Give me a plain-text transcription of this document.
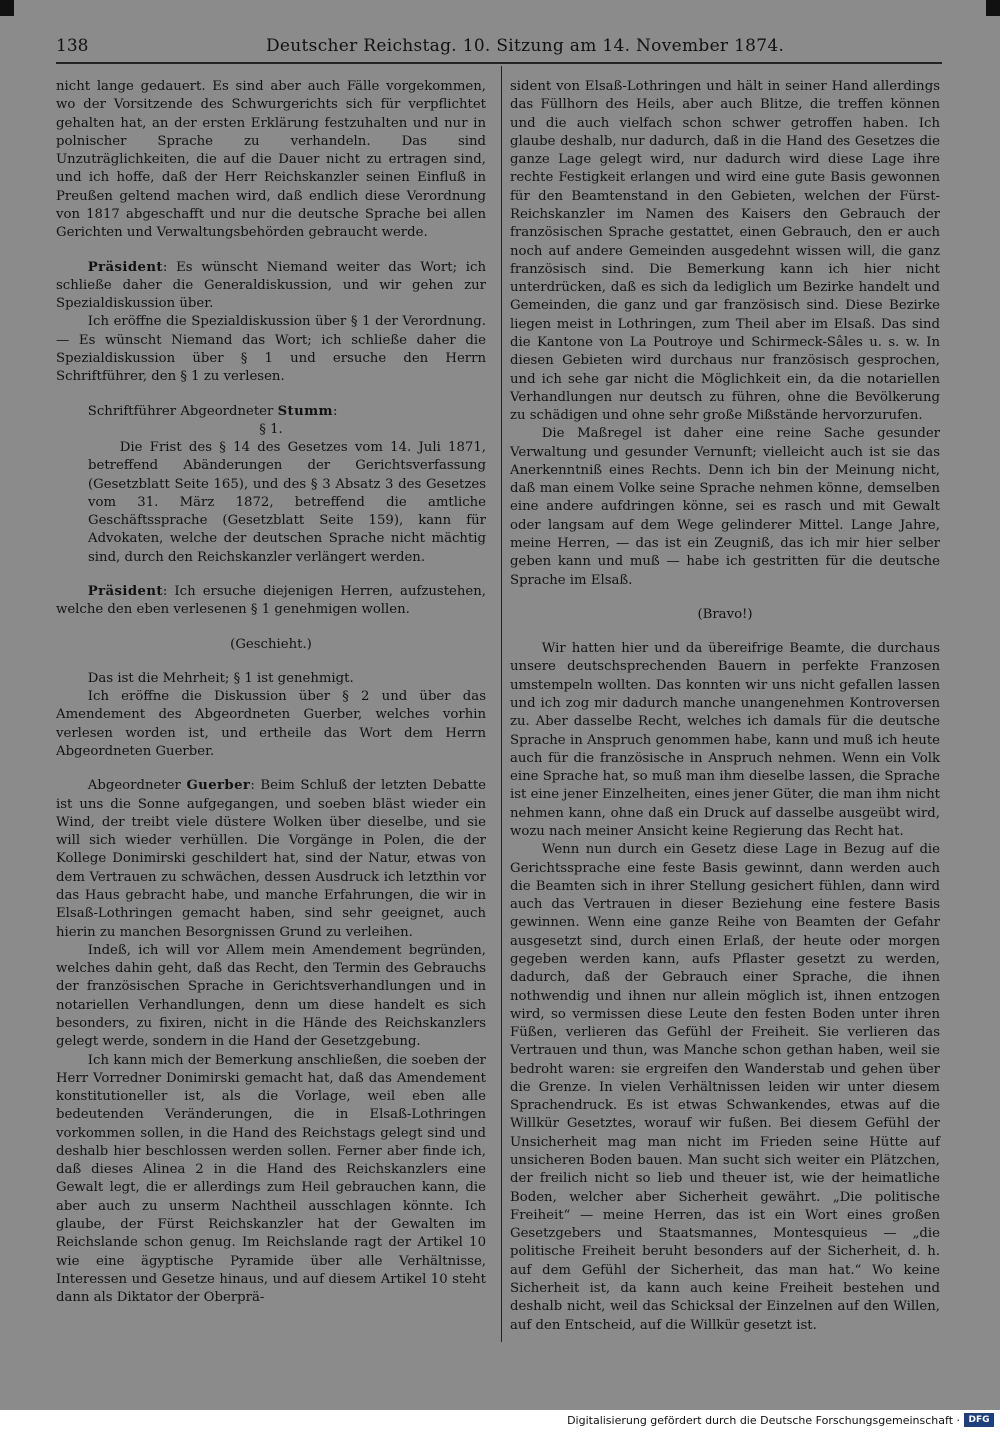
138	Deutscher Reichstag. 10. Sitzung am 14. November 1874.

nicht lange gedauert. Es sind aber auch Fälle vorgekommen, wo der Vorsitzende des Schwurgerichts sich für verpflichtet gehalten hat, an der ersten Erklärung festzuhalten und nur in polnischer Sprache zu verhandeln. Das sind Unzuträglichkeiten, die auf die Dauer nicht zu ertragen sind, und ich hoffe, daß der Herr Reichskanzler seinen Einfluß in Preußen geltend machen wird, daß endlich diese Verordnung von 1817 abgeschafft und nur die deutsche Sprache bei allen Gerichten und Verwaltungsbehörden gebraucht werde.

Präsident: Es wünscht Niemand weiter das Wort; ich schließe daher die Generaldiskussion, und wir gehen zur Spezialdiskussion über.

Ich eröffne die Spezialdiskussion über § 1 der Verordnung. — Es wünscht Niemand das Wort; ich schließe daher die Spezialdiskussion über § 1 und ersuche den Herrn Schriftführer, den § 1 zu verlesen.

Schriftführer Abgeordneter Stumm:

§ 1.

Die Frist des § 14 des Gesetzes vom 14. Juli 1871, betreffend Abänderungen der Gerichtsverfassung (Gesetzblatt Seite 165), und des § 3 Absatz 3 des Gesetzes vom 31. März 1872, betreffend die amtliche Geschäftssprache (Gesetzblatt Seite 159), kann für Advokaten, welche der deutschen Sprache nicht mächtig sind, durch den Reichskanzler verlängert werden.

Präsident: Ich ersuche diejenigen Herren, aufzustehen, welche den eben verlesenen § 1 genehmigen wollen.

(Geschieht.)

Das ist die Mehrheit; § 1 ist genehmigt.

Ich eröffne die Diskussion über § 2 und über das Amendement des Abgeordneten Guerber, welches vorhin verlesen worden ist, und ertheile das Wort dem Herrn Abgeordneten Guerber.

Abgeordneter Guerber: Beim Schluß der letzten Debatte ist uns die Sonne aufgegangen, und soeben bläst wieder ein Wind, der treibt viele düstere Wolken über dieselbe, und sie will sich wieder verhüllen. Die Vorgänge in Polen, die der Kollege Donimirski geschildert hat, sind der Natur, etwas von dem Vertrauen zu schwächen, dessen Ausdruck ich letzthin vor das Haus gebracht habe, und manche Erfahrungen, die wir in Elsaß-Lothringen gemacht haben, sind sehr geeignet, auch hierin zu manchen Besorgnissen Grund zu verleihen.

Indeß, ich will vor Allem mein Amendement begründen, welches dahin geht, daß das Recht, den Termin des Gebrauchs der französischen Sprache in Gerichtsverhandlungen und in notariellen Verhandlungen, denn um diese handelt es sich besonders, zu fixiren, nicht in die Hände des Reichskanzlers gelegt werde, sondern in die Hand der Gesetzgebung.

Ich kann mich der Bemerkung anschließen, die soeben der Herr Vorredner Donimirski gemacht hat, daß das Amendement konstitutioneller ist, als die Vorlage, weil eben alle bedeutenden Veränderungen, die in Elsaß-Lothringen vorkommen sollen, in die Hand des Reichstags gelegt sind und deshalb hier beschlossen werden sollen. Ferner aber finde ich, daß dieses Alinea 2 in die Hand des Reichskanzlers eine Gewalt legt, die er allerdings zum Heil gebrauchen kann, die aber auch zu unserm Nachtheil ausschlagen könnte. Ich glaube, der Fürst Reichskanzler hat der Gewalten im Reichslande schon genug. Im Reichslande ragt der Artikel 10 wie eine ägyptische Pyramide über alle Verhältnisse, Interessen und Gesetze hinaus, und auf diesem Artikel 10 steht dann als Diktator der Oberprä-

sident von Elsaß-Lothringen und hält in seiner Hand allerdings das Füllhorn des Heils, aber auch Blitze, die treffen können und die auch vielfach schon schwer getroffen haben. Ich glaube deshalb, nur dadurch, daß in die Hand des Gesetzes die ganze Lage gelegt wird, nur dadurch wird diese Lage ihre rechte Festigkeit erlangen und wird eine gute Basis gewonnen für den Beamtenstand in den Gebieten, welchen der Fürst-Reichskanzler im Namen des Kaisers den Gebrauch der französischen Sprache gestattet, einen Gebrauch, den er auch noch auf andere Gemeinden ausgedehnt wissen will, die ganz französisch sind. Die Bemerkung kann ich hier nicht unterdrücken, daß es sich da lediglich um Bezirke handelt und Gemeinden, die ganz und gar französisch sind. Diese Bezirke liegen meist in Lothringen, zum Theil aber im Elsaß. Das sind die Kantone von La Poutroye und Schirmeck-Sâles u. s. w. In diesen Gebieten wird durchaus nur französisch gesprochen, und ich sehe gar nicht die Möglichkeit ein, da die notariellen Verhandlungen nur deutsch zu führen, ohne die Bevölkerung zu schädigen und ohne sehr große Mißstände hervorzurufen.

Die Maßregel ist daher eine reine Sache gesunder Verwaltung und gesunder Vernunft; vielleicht auch ist sie das Anerkenntniß eines Rechts. Denn ich bin der Meinung nicht, daß man einem Volke seine Sprache nehmen könne, demselben eine andere aufdringen könne, sei es rasch und mit Gewalt oder langsam auf dem Wege gelinderer Mittel. Lange Jahre, meine Herren, — das ist ein Zeugniß, das ich mir hier selber geben kann und muß — habe ich gestritten für die deutsche Sprache im Elsaß.

(Bravo!)

Wir hatten hier und da übereifrige Beamte, die durchaus unsere deutschsprechenden Bauern in perfekte Franzosen umstempeln wollten. Das konnten wir uns nicht gefallen lassen und ich zog mir dadurch manche unangenehmen Kontroversen zu. Aber dasselbe Recht, welches ich damals für die deutsche Sprache in Anspruch genommen habe, kann und muß ich heute auch für die französische in Anspruch nehmen. Wenn ein Volk eine Sprache hat, so muß man ihm dieselbe lassen, die Sprache ist eine jener Einzelheiten, eines jener Güter, die man ihm nicht nehmen kann, ohne daß ein Druck auf dasselbe ausgeübt wird, wozu nach meiner Ansicht keine Regierung das Recht hat.

Wenn nun durch ein Gesetz diese Lage in Bezug auf die Gerichtssprache eine feste Basis gewinnt, dann werden auch die Beamten sich in ihrer Stellung gesichert fühlen, dann wird auch das Vertrauen in dieser Beziehung eine festere Basis gewinnen. Wenn eine ganze Reihe von Beamten der Gefahr ausgesetzt sind, durch einen Erlaß, der heute oder morgen gegeben werden kann, aufs Pflaster gesetzt zu werden, dadurch, daß der Gebrauch einer Sprache, die ihnen nothwendig und ihnen nur allein möglich ist, ihnen entzogen wird, so vermissen diese Leute den festen Boden unter ihren Füßen, verlieren das Gefühl der Freiheit. Sie verlieren das Vertrauen und thun, was Manche schon gethan haben, weil sie bedroht waren: sie ergreifen den Wanderstab und gehen über die Grenze. In vielen Verhältnissen leiden wir unter diesem Sprachendruck. Es ist etwas Schwankendes, etwas auf die Willkür Gesetztes, worauf wir fußen. Bei diesem Gefühl der Unsicherheit mag man nicht im Frieden seine Hütte auf unsicheren Boden bauen. Man sucht sich weiter ein Plätzchen, der freilich nicht so lieb und theuer ist, wie der heimatliche Boden, welcher aber Sicherheit gewährt. „Die politische Freiheit“ — meine Herren, das ist ein Wort eines großen Gesetzgebers und Staatsmannes, Montesquieus — „die politische Freiheit beruht besonders auf der Sicherheit, d. h. auf dem Gefühl der Sicherheit, das man hat.“ Wo keine Sicherheit ist, da kann auch keine Freiheit bestehen und deshalb nicht, weil das Schicksal der Einzelnen auf den Willen, auf den Entscheid, auf die Willkür gesetzt ist.

Digitalisierung gefördert durch die Deutsche Forschungsgemeinschaft · DFG
